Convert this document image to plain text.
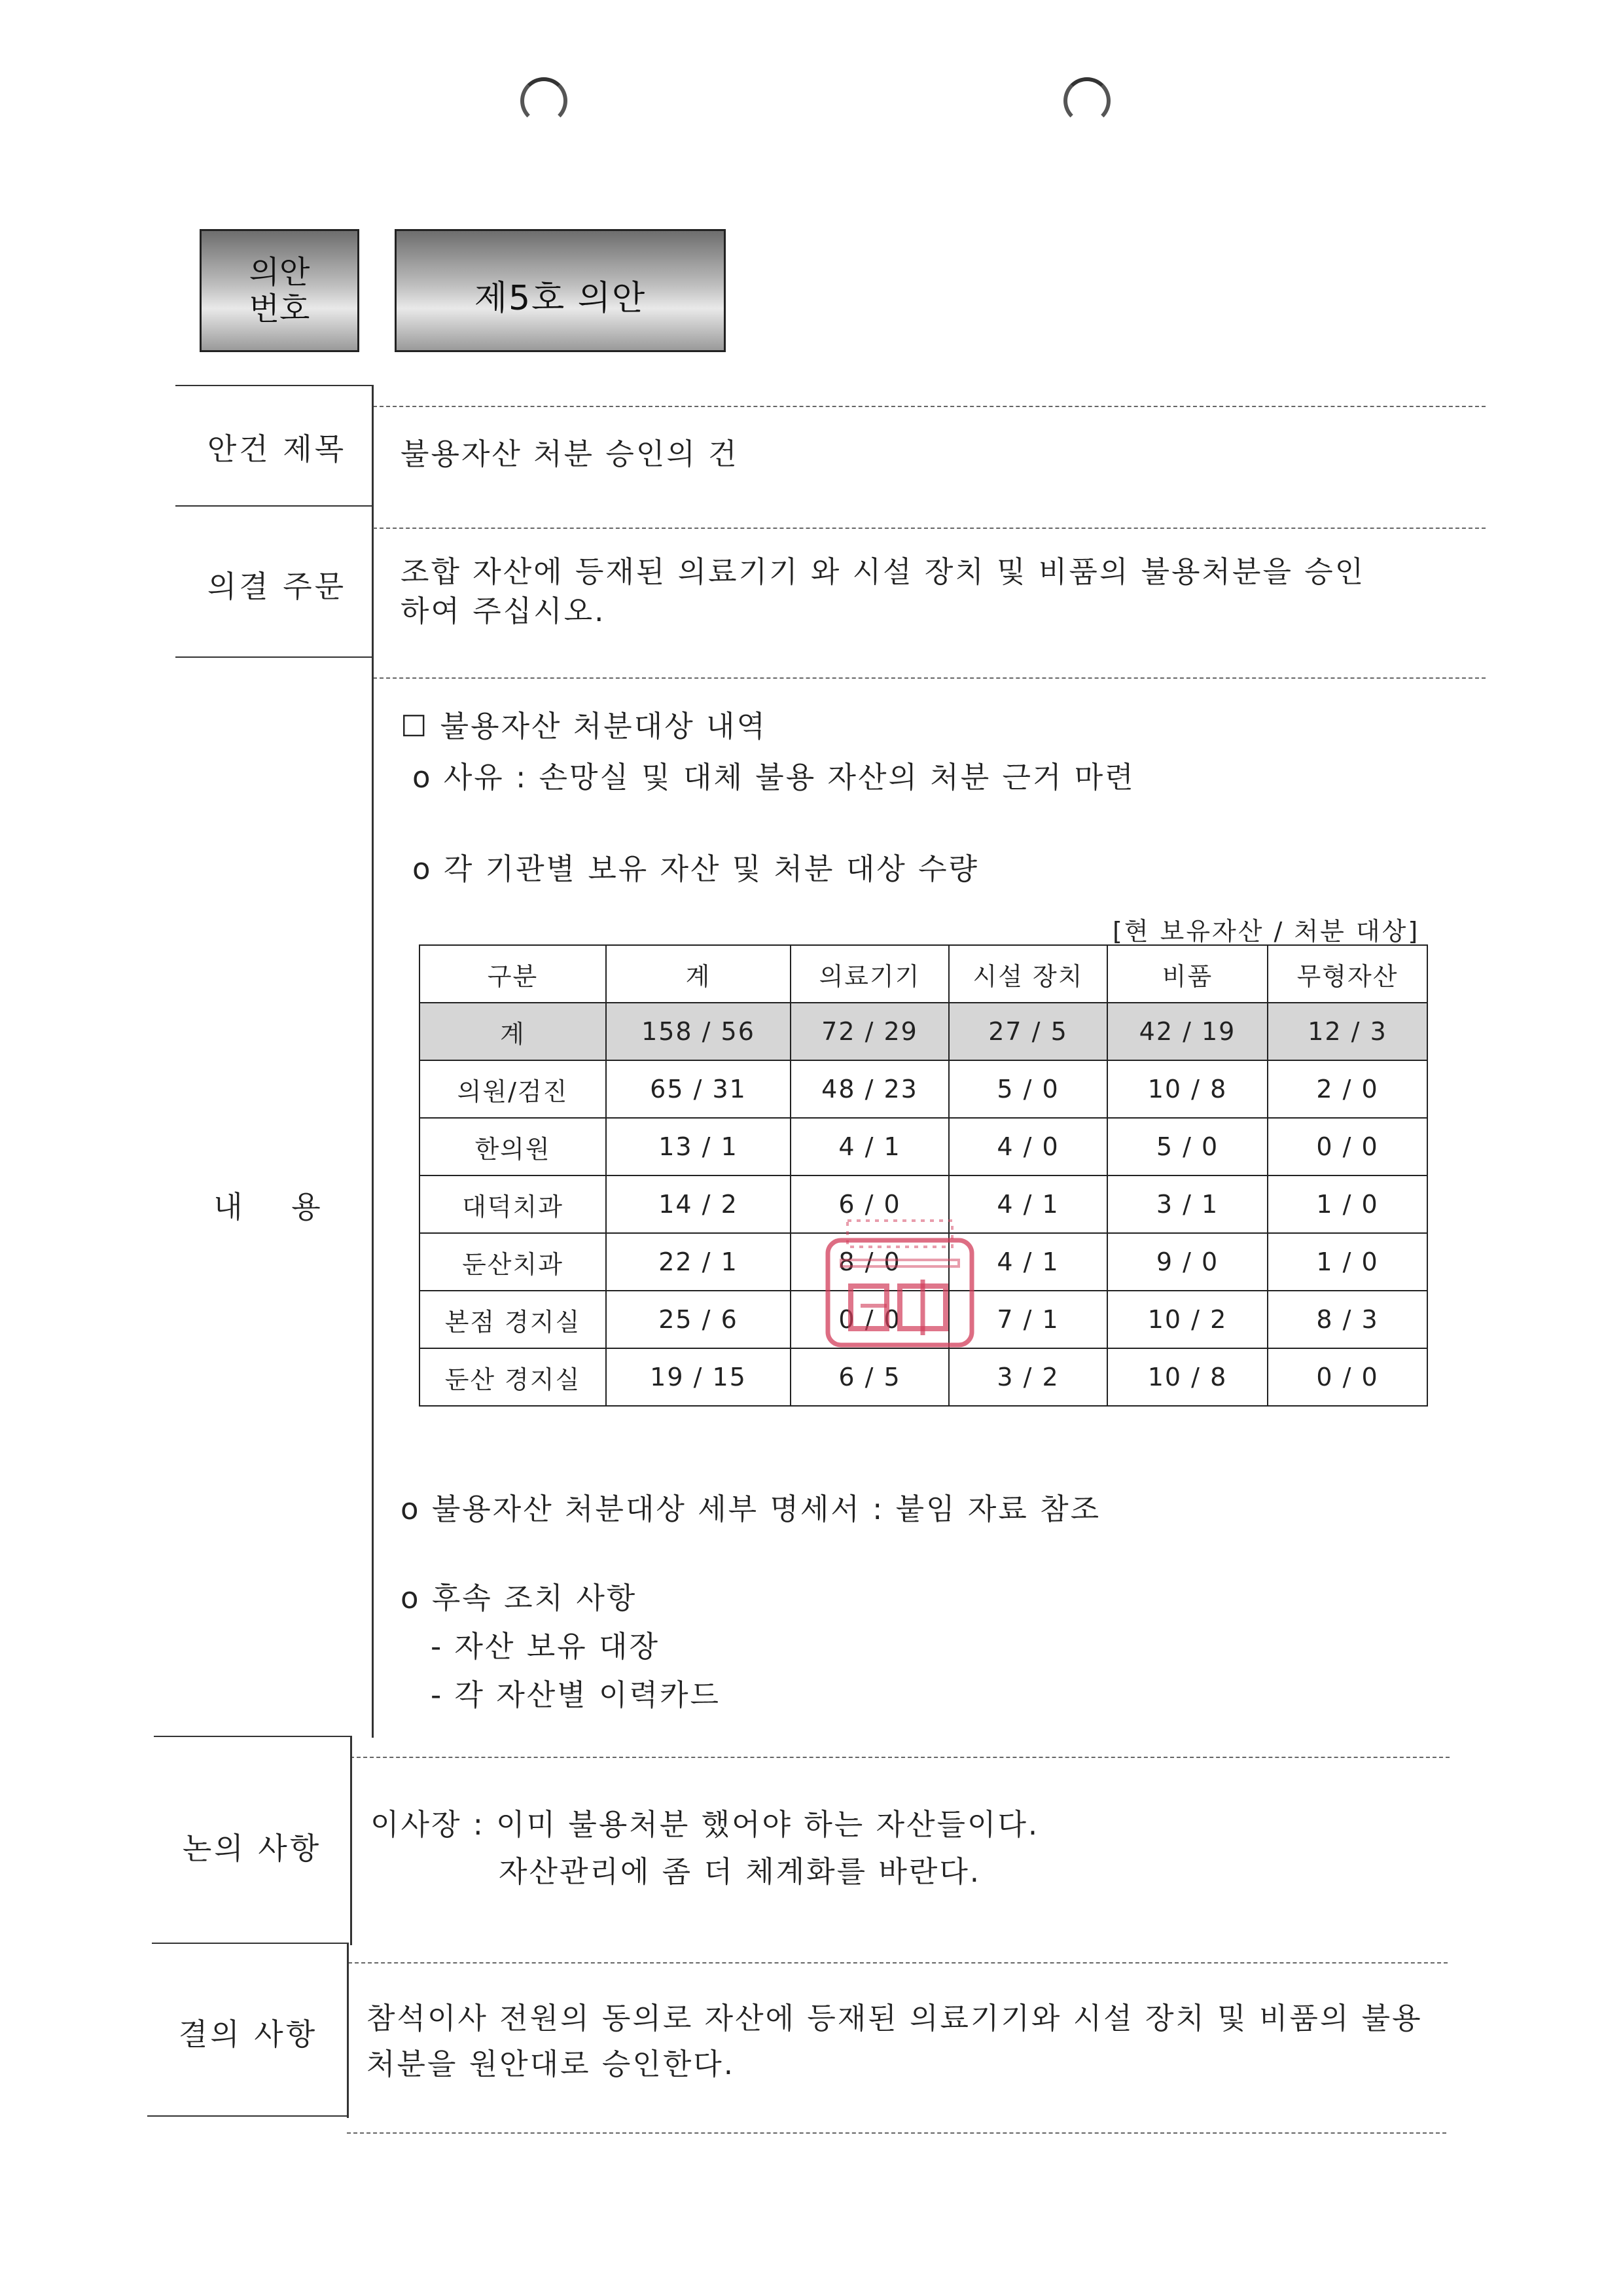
의안
번호	제5호 의안
안건 제목	불용자산 처분 승인의 건
의결 주문	조합 자산에 등재된 의료기기 와 시설 장치 및 비품의 불용처분을 승인
하여 주십시오.
내 용
☐ 불용자산 처분대상 내역
o 사유 : 손망실 및 대체 불용 자산의 처분 근거 마련
o 각 기관별 보유 자산 및 처분 대상 수량
[현 보유자산 / 처분 대상]
구분	계	의료기기	시설 장치	비품	무형자산
계	158 / 56	72 / 29	27 / 5	42 / 19	12 / 3
의원/검진	65 / 31	48 / 23	5 / 0	10 / 8	2 / 0
한의원	13 / 1	4 / 1	4 / 0	5 / 0	0 / 0
대덕치과	14 / 2	6 / 0	4 / 1	3 / 1	1 / 0
둔산치과	22 / 1	8 / 0	4 / 1	9 / 0	1 / 0
본점 경지실	25 / 6	0 / 0	7 / 1	10 / 2	8 / 3
둔산 경지실	19 / 15	6 / 5	3 / 2	10 / 8	0 / 0
o 불용자산 처분대상 세부 명세서 : 붙임 자료 참조
o 후속 조치 사항
- 자산 보유 대장
- 각 자산별 이력카드
논의 사항
이사장 : 이미 불용처분 했어야 하는 자산들이다.
자산관리에 좀 더 체계화를 바란다.
결의 사항	참석이사 전원의 동의로 자산에 등재된 의료기기와 시설 장치 및 비품의 불용
처분을 원안대로 승인한다.
